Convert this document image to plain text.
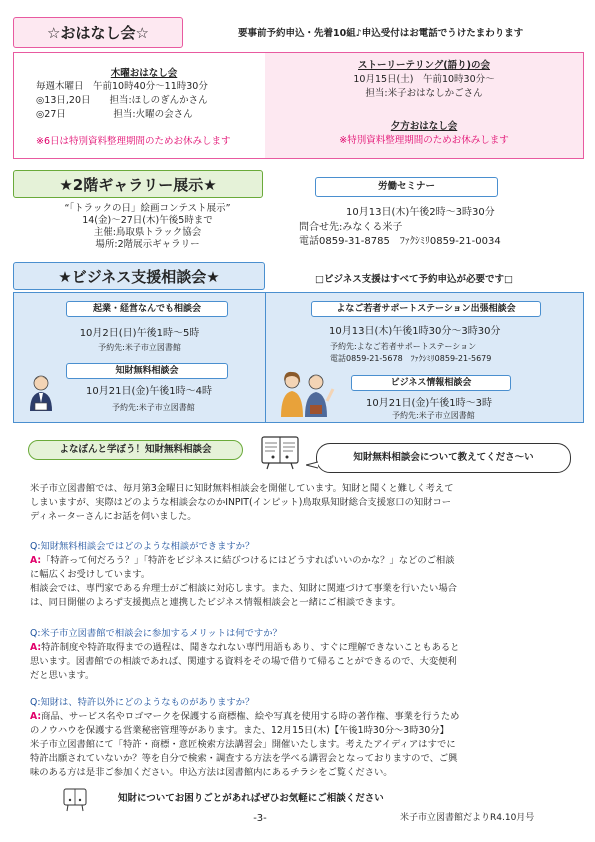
☆おはなし会☆	要事前予約申込・先着10組♪申込受付はお電話でうけたまわります
木曜おはなし会
毎週木曜日　午前10時40分～11時30分
◎13日,20日　　担当:ほしのぎんかさん
◎27日　　　　　担当:火曜の会さん
※6日は特別資料整理期間のためお休みします
ストーリーテリング(語り)の会
10月15日(土)　午前10時30分～
担当:米子おはなしかごさん
夕方おはなし会
※特別資料整理期間のためお休みします
★2階ギャラリー展示★
“「トラックの日」絵画コンテスト展示”
14(金)～27日(木)午後5時まで
主催:鳥取県トラック協会
場所:2階展示ギャラリー
労働セミナー
10月13日(木)午後2時～3時30分
問合せ先:みなくる米子
電話0859-31-8785　ﾌｧｸｼﾐﾘ0859-21-0034
★ビジネス支援相談会★	□ビジネス支援はすべて予約申込が必要です□
起業・経営なんでも相談会
10月2日(日)午後1時～5時
予約先:米子市立図書館
知財無料相談会
10月21日(金)午後1時～4時
予約先:米子市立図書館
よなご若者サポートステーション出張相談会
10月13日(木)午後1時30分～3時30分
予約先:よなご若者サポートステーション
電話0859-21-5678　ﾌｧｸｼﾐﾘ0859-21-5679
ビジネス情報相談会
10月21日(金)午後1時～3時
予約先:米子市立図書館
よなぼんと学ぼう！知財無料相談会
知財無料相談会について教えてくださ～い
米子市立図書館では、毎月第3金曜日に知財無料相談会を開催しています。知財と聞くと難しく考えて
しまいますが、実際はどのような相談会なのかINPIT(インピット)鳥取県知財総合支援窓口の知財コー
ディネーターさんにお話を伺いました。
Q:知財無料相談会ではどのような相談ができますか？
A:「特許って何だろう？」「特許をビジネスに結びつけるにはどうすればいいのかな？」などのご相談
に幅広くお受けしています。
相談会では、専門家である弁理士がご相談に対応します。また、知財に関連づけて事業を行いたい場合
は、同日開催のよろず支援拠点と連携したビジネス情報相談会と一緒にご相談できます。
Q:米子市立図書館で相談会に参加するメリットは何ですか？
A:特許制度や特許取得までの過程は、聞きなれない専門用語もあり、すぐに理解できないこともあると
思います。図書館での相談であれば、関連する資料をその場で借りて帰ることができるので、大変便利
だと思います。
Q:知財は、特許以外にどのようなものがありますか？
A:商品、サービス名やロゴマークを保護する商標権、絵や写真を使用する時の著作権、事業を行うため
のノウハウを保護する営業秘密管理等があります。また、12月15日(木)【午後1時30分～3時30分】
米子市立図書館にて「特許・商標・意匠検索方法講習会」開催いたします。考えたアイディアはすでに
特許出願されていないか？等を自分で検索・調査する方法を学べる講習会となっておりますので、ご興
味のある方は是非ご参加ください。申込方法は図書館内にあるチラシをご覧ください。
知財についてお困りごとがあればぜひお気軽にご相談ください
-3-	米子市立図書館だよりR4.10月号
